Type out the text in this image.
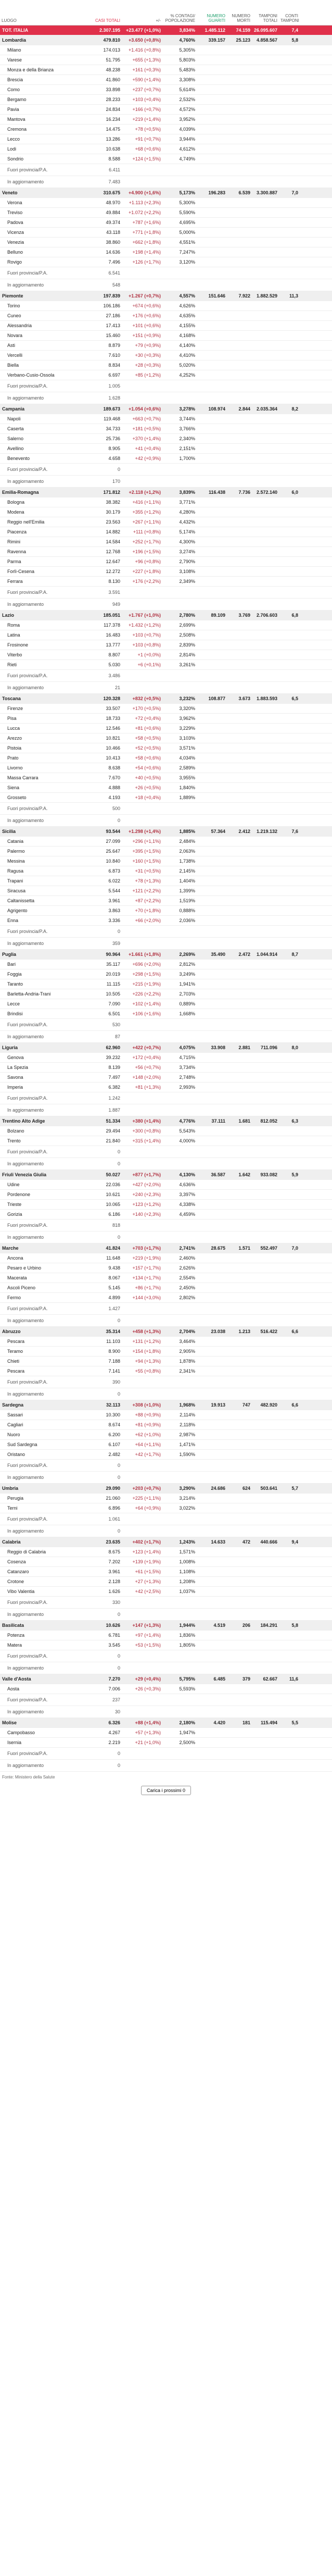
LUOGO	CASI TOTALI	+/-	% CONTAGI/ POPOLAZIONE	NUMERO GUARITI	NUMERO MORTI	TAMPONI TOTALI	CONTI TAMPONI	
TOT. ITALIA	2.307.195	+23.477 (+1,0%)	3,834%	1.485.112	74.159	26.095.607	7,4	
Lombardia	479.810	+3.650 (+0,8%)	4,760%	339.157	25.123	4.858.567	5,8	
Milano	174.013	+1.416 (+0,8%)	5,305%					
Varese	51.795	+655 (+1,3%)	5,803%					
Monza e della Brianza	48.238	+161 (+0,3%)	5,483%					
Brescia	41.860	+590 (+1,4%)	3,308%					
Como	33.898	+237 (+0,7%)	5,614%					
Bergamo	28.233	+103 (+0,4%)	2,532%					
Pavia	24.834	+166 (+0,7%)	4,572%					
Mantova	16.234	+219 (+1,4%)	3,952%					
Cremona	14.475	+78 (+0,5%)	4,039%					
Lecco	13.286	+91 (+0,7%)	3,944%					
Lodi	10.638	+68 (+0,6%)	4,612%					
Sondrio	8.588	+124 (+1,5%)	4,749%					
Fuori provincia/P.A.	6.411							
In aggiornamento	7.483							
Veneto	310.675	+4.900 (+1,6%)	5,173%	196.283	6.539	3.300.887	7,0	
Verona	48.970	+1.113 (+2,3%)	5,300%					
Treviso	49.884	+1.072 (+2,2%)	5,590%					
Padova	49.374	+787 (+1,6%)	4,695%					
Vicenza	43.118	+771 (+1,8%)	5,000%					
Venezia	38.860	+662 (+1,8%)	4,551%					
Belluno	14.636	+198 (+1,4%)	7,247%					
Rovigo	7.496	+126 (+1,7%)	3,120%					
Fuori provincia/P.A.	6.541							
In aggiornamento	548							
Piemonte	197.839	+1.267 (+0,7%)	4,557%	151.646	7.922	1.882.529	11,3	
Torino	106.186	+674 (+0,6%)	4,626%					
Cuneo	27.186	+176 (+0,6%)	4,635%					
Alessandria	17.413	+101 (+0,6%)	4,155%					
Novara	15.460	+151 (+0,9%)	4,168%					
Asti	8.879	+79 (+0,9%)	4,140%					
Vercelli	7.610	+30 (+0,3%)	4,410%					
Biella	8.834	+28 (+0,3%)	5,020%					
Verbano-Cusio-Ossola	6.697	+85 (+1,2%)	4,252%					
Fuori provincia/P.A.	1.005							
In aggiornamento	1.628							
Campania	189.673	+1.054 (+0,6%)	3,278%	108.974	2.844	2.035.364	8,2	
Napoli	119.468	+663 (+0,7%)	3,744%					
Caserta	34.733	+181 (+0,5%)	3,766%					
Salerno	25.736	+370 (+1,4%)	2,340%					
Avellino	8.905	+41 (+0,4%)	2,151%					
Benevento	4.658	+42 (+0,9%)	1,700%					
Fuori provincia/P.A.	0							
In aggiornamento	170							
Emilia-Romagna	171.812	+2.118 (+1,2%)	3,839%	116.438	7.736	2.572.140	6,0	
Bologna	38.382	+416 (+1,1%)	3,771%					
Modena	30.179	+355 (+1,2%)	4,280%					
Reggio nell'Emilia	23.563	+267 (+1,1%)	4,432%					
Piacenza	14.882	+111 (+0,8%)	5,174%					
Rimini	14.584	+252 (+1,7%)	4,300%					
Ravenna	12.768	+196 (+1,5%)	3,274%					
Parma	12.647	+96 (+0,8%)	2,790%					
Forlì-Cesena	12.272	+227 (+1,8%)	3,108%					
Ferrara	8.130	+176 (+2,2%)	2,349%					
Fuori provincia/P.A.	3.591							
In aggiornamento	949							
Lazio	185.051	+1.767 (+1,0%)	2,780%	89.109	3.769	2.706.603	6,8	
Roma	117.378	+1.432 (+1,2%)	2,699%					
Latina	16.483	+103 (+0,7%)	2,508%					
Frosinone	13.777	+103 (+0,8%)	2,839%					
Viterbo	8.807	+1 (+0,0%)	2,814%					
Rieti	5.030	+6 (+0,1%)	3,261%					
Fuori provincia/P.A.	3.486							
In aggiornamento	21							
Toscana	120.328	+832 (+0,5%)	3,232%	108.877	3.673	1.883.593	6,5	
Firenze	33.507	+170 (+0,5%)	3,320%					
Pisa	18.733	+72 (+0,4%)	3,962%					
Lucca	12.546	+81 (+0,6%)	3,229%					
Arezzo	10.821	+58 (+0,5%)	3,103%					
Pistoia	10.466	+52 (+0,5%)	3,571%					
Prato	10.413	+58 (+0,6%)	4,034%					
Livorno	8.638	+54 (+0,6%)	2,589%					
Massa Carrara	7.670	+40 (+0,5%)	3,955%					
Siena	4.888	+26 (+0,5%)	1,840%					
Grosseto	4.193	+18 (+0,4%)	1,889%					
Fuori provincia/P.A.	500							
In aggiornamento	0							
Sicilia	93.544	+1.298 (+1,4%)	1,885%	57.364	2.412	1.219.132	7,6	
Catania	27.099	+296 (+1,1%)	2,484%					
Palermo	25.647	+395 (+1,5%)	2,063%					
Messina	10.840	+160 (+1,5%)	1,738%					
Ragusa	6.873	+31 (+0,5%)	2,145%					
Trapani	6.022	+78 (+1,3%)	1,404%					
Siracusa	5.544	+121 (+2,2%)	1,399%					
Caltanissetta	3.961	+87 (+2,2%)	1,519%					
Agrigento	3.863	+70 (+1,8%)	0,888%					
Enna	3.336	+66 (+2,0%)	2,036%					
Fuori provincia/P.A.	0							
In aggiornamento	359							
Puglia	90.964	+1.661 (+1,8%)	2,269%	35.490	2.472	1.044.914	8,7	
Bari	35.117	+696 (+2,0%)	2,812%					
Foggia	20.019	+298 (+1,5%)	3,249%					
Taranto	11.115	+215 (+1,9%)	1,941%					
Barletta-Andria-Trani	10.505	+226 (+2,2%)	2,703%					
Lecce	7.090	+102 (+1,4%)	0,889%					
Brindisi	6.501	+106 (+1,6%)	1,668%					
Fuori provincia/P.A.	530							
In aggiornamento	87							
Liguria	62.960	+422 (+0,7%)	4,075%	33.908	2.881	711.096	8,0	
Genova	39.232	+172 (+0,4%)	4,715%					
La Spezia	8.139	+56 (+0,7%)	3,734%					
Savona	7.497	+148 (+2,0%)	2,748%					
Imperia	6.382	+81 (+1,3%)	2,993%					
Fuori provincia/P.A.	1.242							
In aggiornamento	1.887							
Trentino Alto Adige	51.334	+380 (+1,4%)	4,776%	37.111	1.681	812.052	6,3	
Bolzano	29.494	+300 (+0,8%)	5,543%					
Trento	21.840	+315 (+1,4%)	4,000%					
Fuori provincia/P.A.	0							
In aggiornamento	0							
Friuli Venezia Giulia	50.027	+877 (+1,7%)	4,130%	36.587	1.642	933.082	5,9	
Udine	22.036	+427 (+2,0%)	4,636%					
Pordenone	10.621	+240 (+2,3%)	3,397%					
Trieste	10.065	+123 (+1,2%)	4,338%					
Gorizia	6.186	+140 (+2,3%)	4,459%					
Fuori provincia/P.A.	818							
In aggiornamento	0							
Marche	41.824	+703 (+1,7%)	2,741%	28.675	1.571	552.497	7,0	
Ancona	11.648	+219 (+1,9%)	2,460%					
Pesaro e Urbino	9.438	+157 (+1,7%)	2,626%					
Macerata	8.067	+134 (+1,7%)	2,554%					
Ascoli Piceno	5.145	+86 (+1,7%)	2,450%					
Fermo	4.899	+144 (+3,0%)	2,802%					
Fuori provincia/P.A.	1.427							
In aggiornamento	0							
Abruzzo	35.314	+458 (+1,3%)	2,704%	23.038	1.213	516.422	6,6	
Pescara	11.103	+131 (+1,2%)	3,464%					
Teramo	8.900	+154 (+1,8%)	2,905%					
Chieti	7.188	+94 (+1,3%)	1,878%					
Pescara	7.141	+55 (+0,8%)	2,341%					
Fuori provincia/P.A.	390							
In aggiornamento	0							
Sardegna	32.113	+308 (+1,0%)	1,968%	19.913	747	482.920	6,6	
Sassari	10.300	+88 (+0,9%)	2,114%					
Cagliari	8.674	+81 (+0,9%)	2,118%					
Nuoro	6.200	+62 (+1,0%)	2,987%					
Sud Sardegna	6.107	+64 (+1,1%)	1,471%					
Oristano	2.482	+42 (+1,7%)	1,590%					
Fuori provincia/P.A.	0							
In aggiornamento	0							
Umbria	29.090	+203 (+0,7%)	3,290%	24.686	624	503.641	5,7	
Perugia	21.060	+225 (+1,1%)	3,214%					
Terni	6.896	+64 (+0,9%)	3,022%					
Fuori provincia/P.A.	1.061							
In aggiornamento	0							
Calabria	23.635	+402 (+1,7%)	1,243%	14.633	472	440.666	9,4	
Reggio di Calabria	8.675	+123 (+1,4%)	1,571%					
Cosenza	7.202	+139 (+1,9%)	1,008%					
Catanzaro	3.961	+61 (+1,5%)	1,108%					
Crotone	2.128	+27 (+1,3%)	1,208%					
Vibo Valentia	1.626	+42 (+2,5%)	1,037%					
Fuori provincia/P.A.	330							
In aggiornamento	0							
Basilicata	10.626	+147 (+1,3%)	1,944%	4.519	206	184.291	5,8	
Potenza	6.781	+97 (+1,4%)	1,836%					
Matera	3.545	+53 (+1,5%)	1,805%					
Fuori provincia/P.A.	0							
In aggiornamento	0							
Valle d'Aosta	7.270	+29 (+0,4%)	5,795%	6.485	379	62.667	11,6	
Aosta	7.006	+26 (+0,3%)	5,593%					
Fuori provincia/P.A.	237							
In aggiornamento	30							
Molise	6.326	+88 (+1,4%)	2,180%	4.420	181	115.494	5,5	
Campobasso	4.267	+57 (+1,3%)	1,947%					
Isernia	2.219	+21 (+1,0%)	2,500%					
Fuori provincia/P.A.	0							
In aggiornamento	0							
Fonte: Ministero della Salute
Carica i prossimi 0
